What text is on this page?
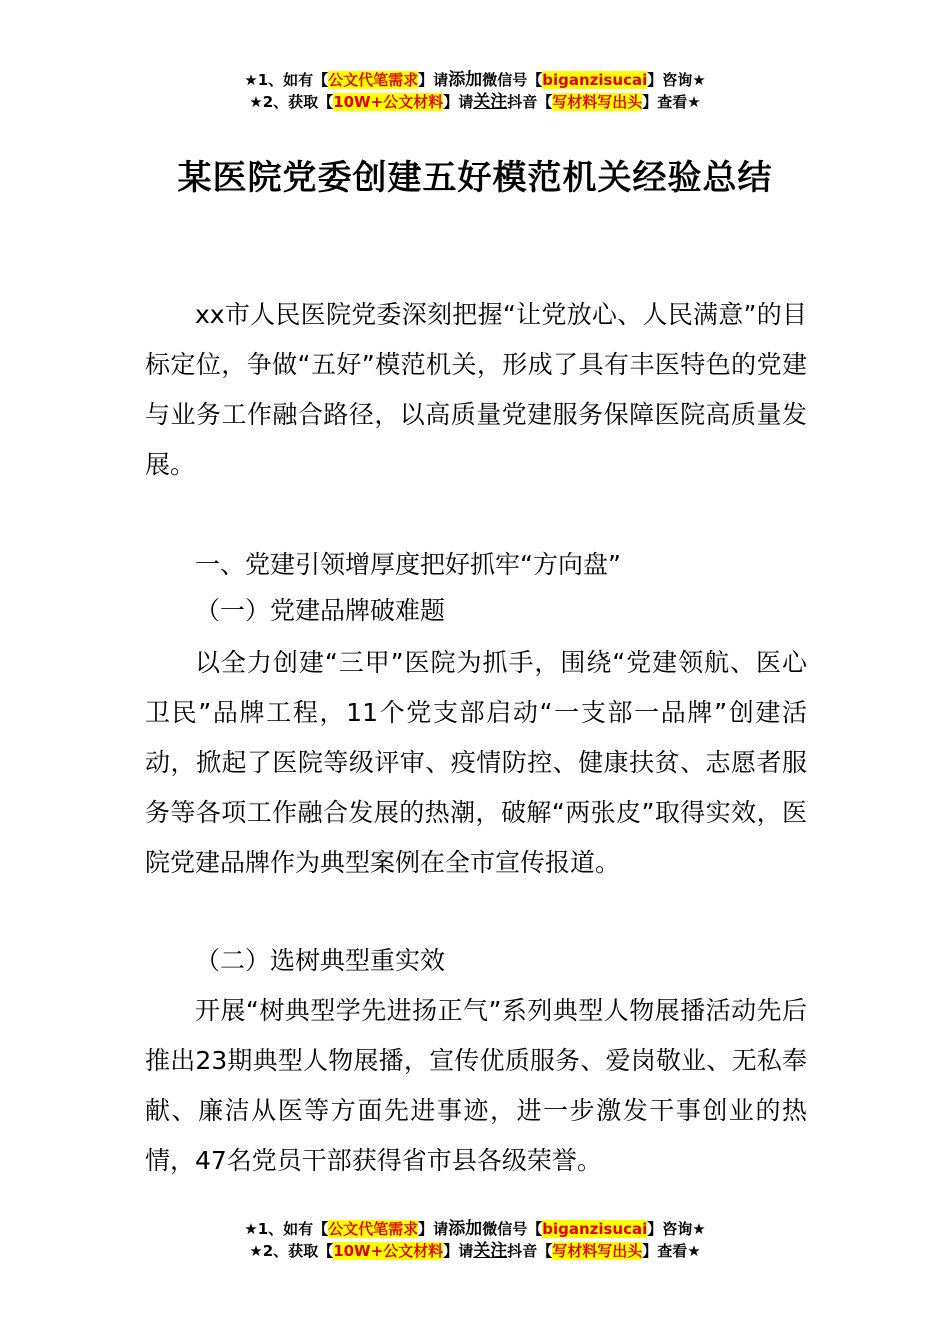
★1、如有【公文代笔需求】请添加微信号【biganzisucai】咨询★
★2、获取【10W+公文材料】请关注抖音【写材料写出头】查看★
某医院党委创建五好模范机关经验总结

xx市人民医院党委深刻把握“让党放心、人民满意”的目标定位，争做“五好”模范机关，形成了具有丰医特色的党建与业务工作融合路径，以高质量党建服务保障医院高质量发展。

一、党建引领增厚度把好抓牢“方向盘”

（一）党建品牌破难题

以全力创建“三甲”医院为抓手，围绕“党建领航、医心卫民”品牌工程，11个党支部启动“一支部一品牌”创建活动，掀起了医院等级评审、疫情防控、健康扶贫、志愿者服务等各项工作融合发展的热潮，破解“两张皮”取得实效，医院党建品牌作为典型案例在全市宣传报道。

（二）选树典型重实效

开展“树典型学先进扬正气”系列典型人物展播活动先后推出23期典型人物展播，宣传优质服务、爱岗敬业、无私奉献、廉洁从医等方面先进事迹，进一步激发干事创业的热情，47名党员干部获得省市县各级荣誉。

★1、如有【公文代笔需求】请添加微信号【biganzisucai】咨询★
★2、获取【10W+公文材料】请关注抖音【写材料写出头】查看★
